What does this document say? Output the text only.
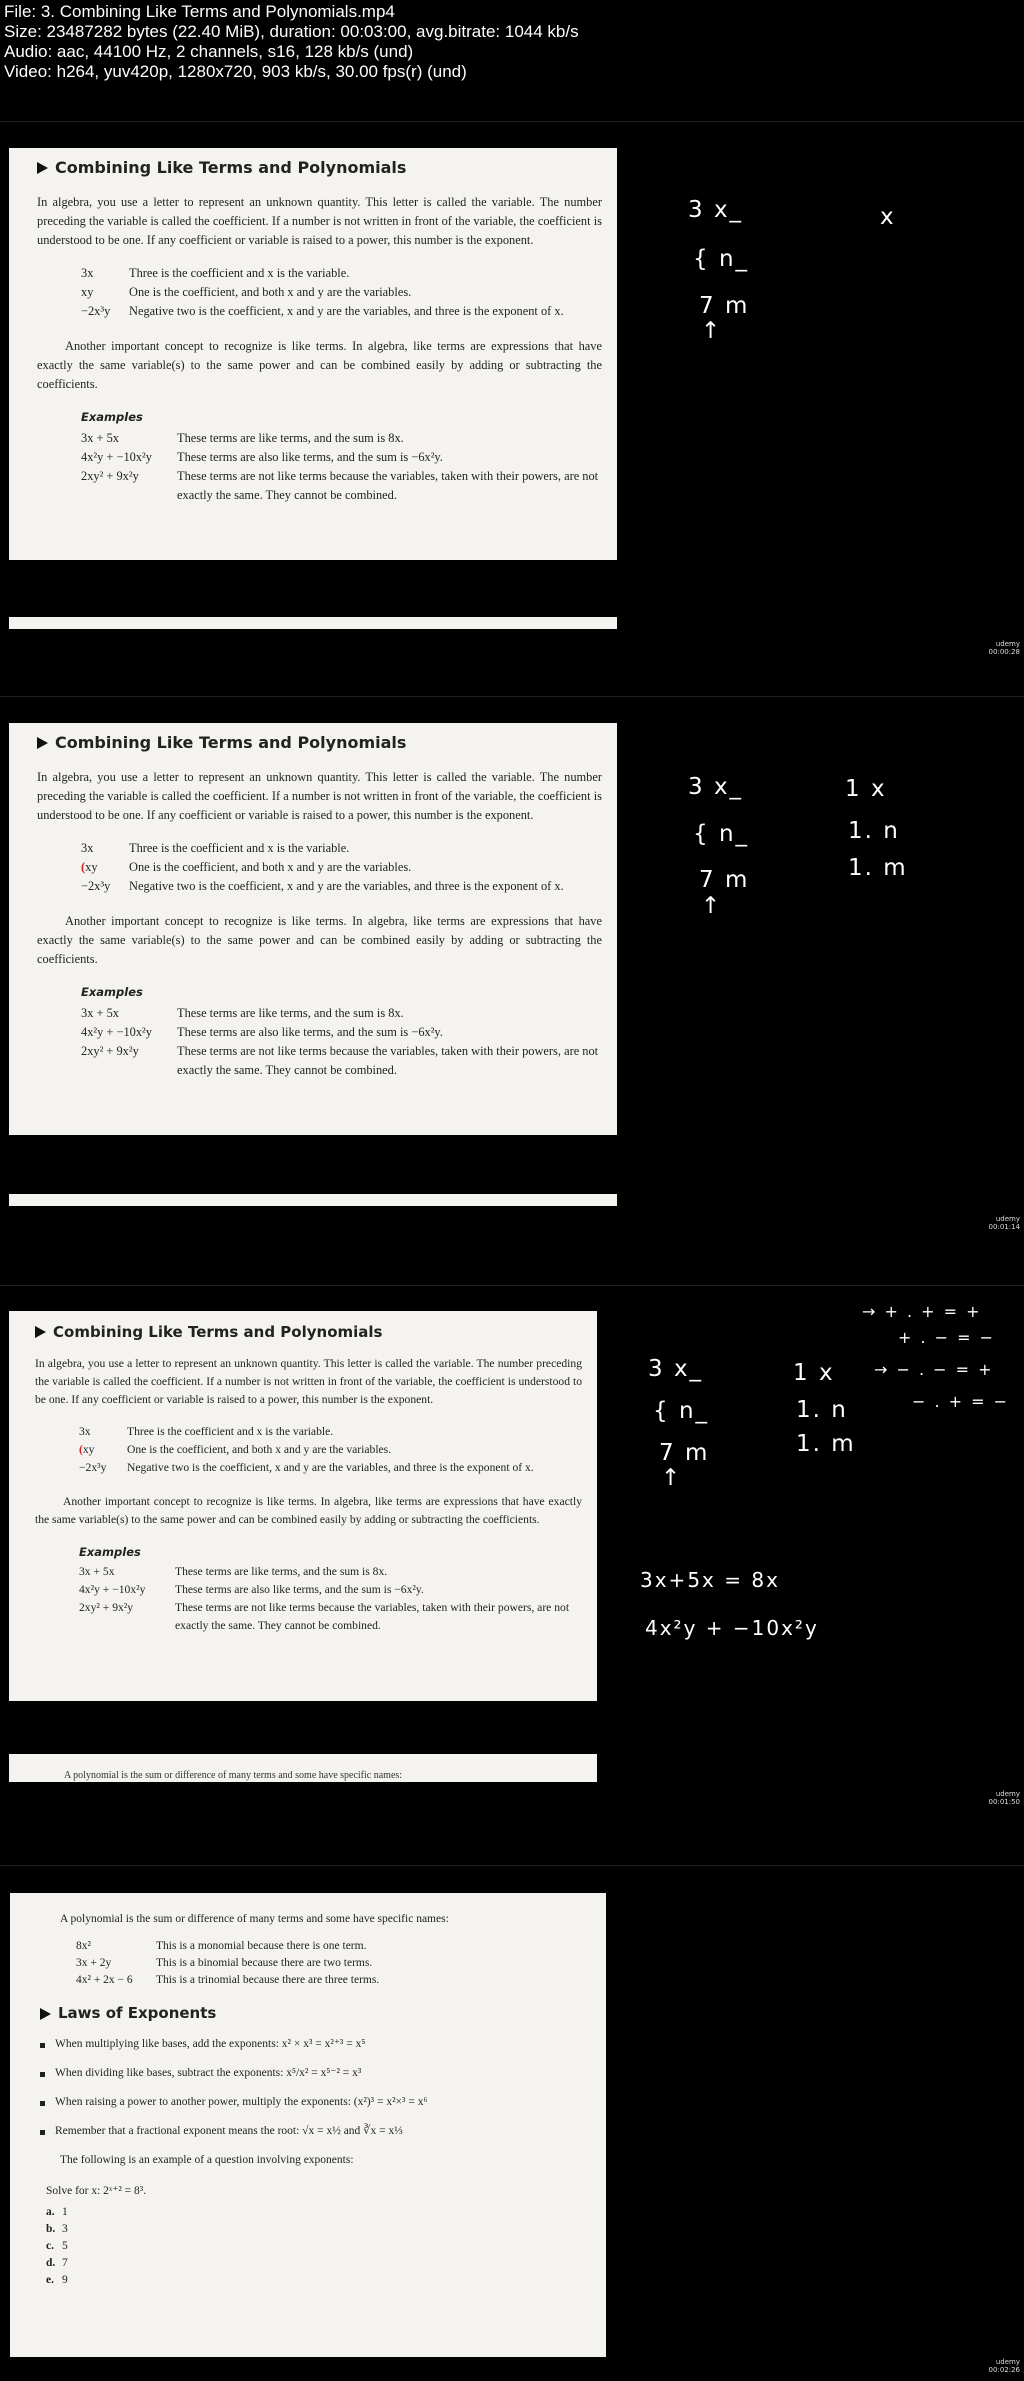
File: 3. Combining Like Terms and Polynomials.mp4
Size: 23487282 bytes (22.40 MiB), duration: 00:03:00, avg.bitrate: 1044 kb/s
Audio: aac, 44100 Hz, 2 channels, s16, 128 kb/s (und)
Video: h264, yuv420p, 1280x720, 903 kb/s, 30.00 fps(r) (und)
Combining Like Terms and Polynomials

In algebra, you use a letter to represent an unknown quantity. This letter is called the variable. The number preceding the variable is called the coefficient. If a number is not written in front of the variable, the coefficient is understood to be one. If any coefficient or variable is raised to a power, this number is the exponent.

3x	Three is the coefficient and x is the variable.
xy	One is the coefficient, and both x and y are the variables.
−2x³y	Negative two is the coefficient, x and y are the variables, and three is the exponent of x.

Another important concept to recognize is like terms. In algebra, like terms are expressions that have exactly the same variable(s) to the same power and can be combined easily by adding or subtracting the coefficients.

Examples
3x + 5x	These terms are like terms, and the sum is 8x.
4x²y + −10x²y	These terms are also like terms, and the sum is −6x²y.
2xy² + 9x²y	These terms are not like terms because the variables, taken with their powers, are not exactly the same. They cannot be combined.
3 x_
{ n_
7 m
↑
x
udemy
00:00:28
Combining Like Terms and Polynomials

In algebra, you use a letter to represent an unknown quantity. This letter is called the variable. The number preceding the variable is called the coefficient. If a number is not written in front of the variable, the coefficient is understood to be one. If any coefficient or variable is raised to a power, this number is the exponent.

3x	Three is the coefficient and x is the variable.
(xy	One is the coefficient, and both x and y are the variables.
−2x³y	Negative two is the coefficient, x and y are the variables, and three is the exponent of x.

Another important concept to recognize is like terms. In algebra, like terms are expressions that have exactly the same variable(s) to the same power and can be combined easily by adding or subtracting the coefficients.

Examples
3x + 5x	These terms are like terms, and the sum is 8x.
4x²y + −10x²y	These terms are also like terms, and the sum is −6x²y.
2xy² + 9x²y	These terms are not like terms because the variables, taken with their powers, are not exactly the same. They cannot be combined.
3 x_
{ n_
7 m
↑
1 x
1. n
1. m
udemy
00:01:14
Combining Like Terms and Polynomials

In algebra, you use a letter to represent an unknown quantity. This letter is called the variable. The number preceding the variable is called the coefficient. If a number is not written in front of the variable, the coefficient is understood to be one. If any coefficient or variable is raised to a power, this number is the exponent.

3x	Three is the coefficient and x is the variable.
(xy	One is the coefficient, and both x and y are the variables.
−2x³y	Negative two is the coefficient, x and y are the variables, and three is the exponent of x.

Another important concept to recognize is like terms. In algebra, like terms are expressions that have exactly the same variable(s) to the same power and can be combined easily by adding or subtracting the coefficients.

Examples
3x + 5x	These terms are like terms, and the sum is 8x.
4x²y + −10x²y	These terms are also like terms, and the sum is −6x²y.
2xy² + 9x²y	These terms are not like terms because the variables, taken with their powers, are not exactly the same. They cannot be combined.
A polynomial is the sum or difference of many terms and some have specific names:
3 x_
{ n_
7 m
↑
1 x
1. n
1. m
→ + . + = +
+ . − = −
→ − . − = +
− . + = −
3x+5x = 8x
4x²y + −10x²y
udemy
00:01:50

A polynomial is the sum or difference of many terms and some have specific names:

8x²	This is a monomial because there is one term.
3x + 2y	This is a binomial because there are two terms.
4x² + 2x − 6	This is a trinomial because there are three terms.
Laws of Exponents
When multiplying like bases, add the exponents: x² × x³ = x²⁺³ = x⁵
When dividing like bases, subtract the exponents: x⁵/x² = x⁵⁻² = x³
When raising a power to another power, multiply the exponents: (x²)³ = x²×³ = x⁶
Remember that a fractional exponent means the root: √x = x½ and ∛x = x⅓

The following is an example of a question involving exponents:

Solve for x: 2ˣ⁺² = 8³.

a. 1
b. 3
c. 5
d. 7
e. 9
udemy
00:02:26
